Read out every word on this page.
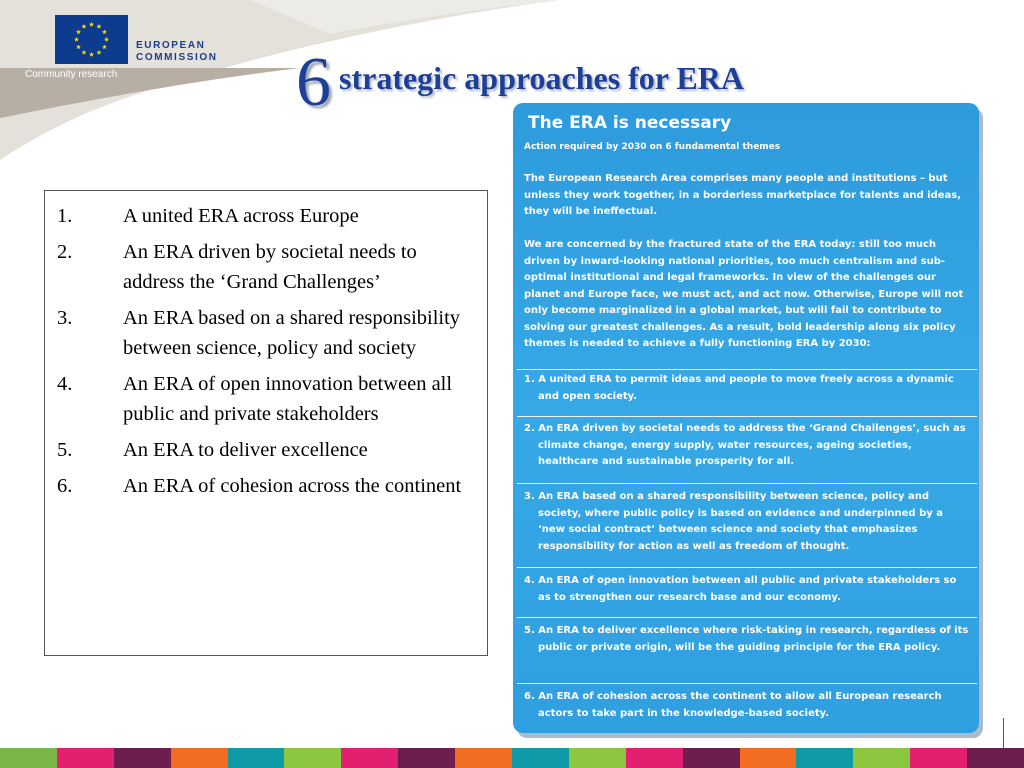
EUROPEAN
COMMISSION
Community research	6 strategic approaches for ERA
1. A united ERA across Europe
2. An ERA driven by societal needs to address the ‘Grand Challenges’
3. An ERA based on a shared responsibility between science, policy and society
4. An ERA of open innovation between all public and private stakeholders
5. An ERA to deliver excellence
6. An ERA of cohesion across the continent
The ERA is necessary
Action required by 2030 on 6 fundamental themes
The European Research Area comprises many people and institutions – but unless they work together, in a borderless marketplace for talents and ideas, they will be ineffectual.
We are concerned by the fractured state of the ERA today: still too much driven by inward-looking national priorities, too much centralism and sub-optimal institutional and legal frameworks. In view of the challenges our planet and Europe face, we must act, and act now. Otherwise, Europe will not only become marginalized in a global market, but will fail to contribute to solving our greatest challenges. As a result, bold leadership along six policy themes is needed to achieve a fully functioning ERA by 2030:
1. A united ERA to permit ideas and people to move freely across a dynamic and open society.
2. An ERA driven by societal needs to address the ‘Grand Challenges’, such as climate change, energy supply, water resources, ageing societies, healthcare and sustainable prosperity for all.
3. An ERA based on a shared responsibility between science, policy and society, where public policy is based on evidence and underpinned by a ‘new social contract’ between science and society that emphasizes responsibility for action as well as freedom of thought.
4. An ERA of open innovation between all public and private stakeholders so as to strengthen our research base and our economy.
5. An ERA to deliver excellence where risk-taking in research, regardless of its public or private origin, will be the guiding principle for the ERA policy.
6. An ERA of cohesion across the continent to allow all European research actors to take part in the knowledge-based society.
